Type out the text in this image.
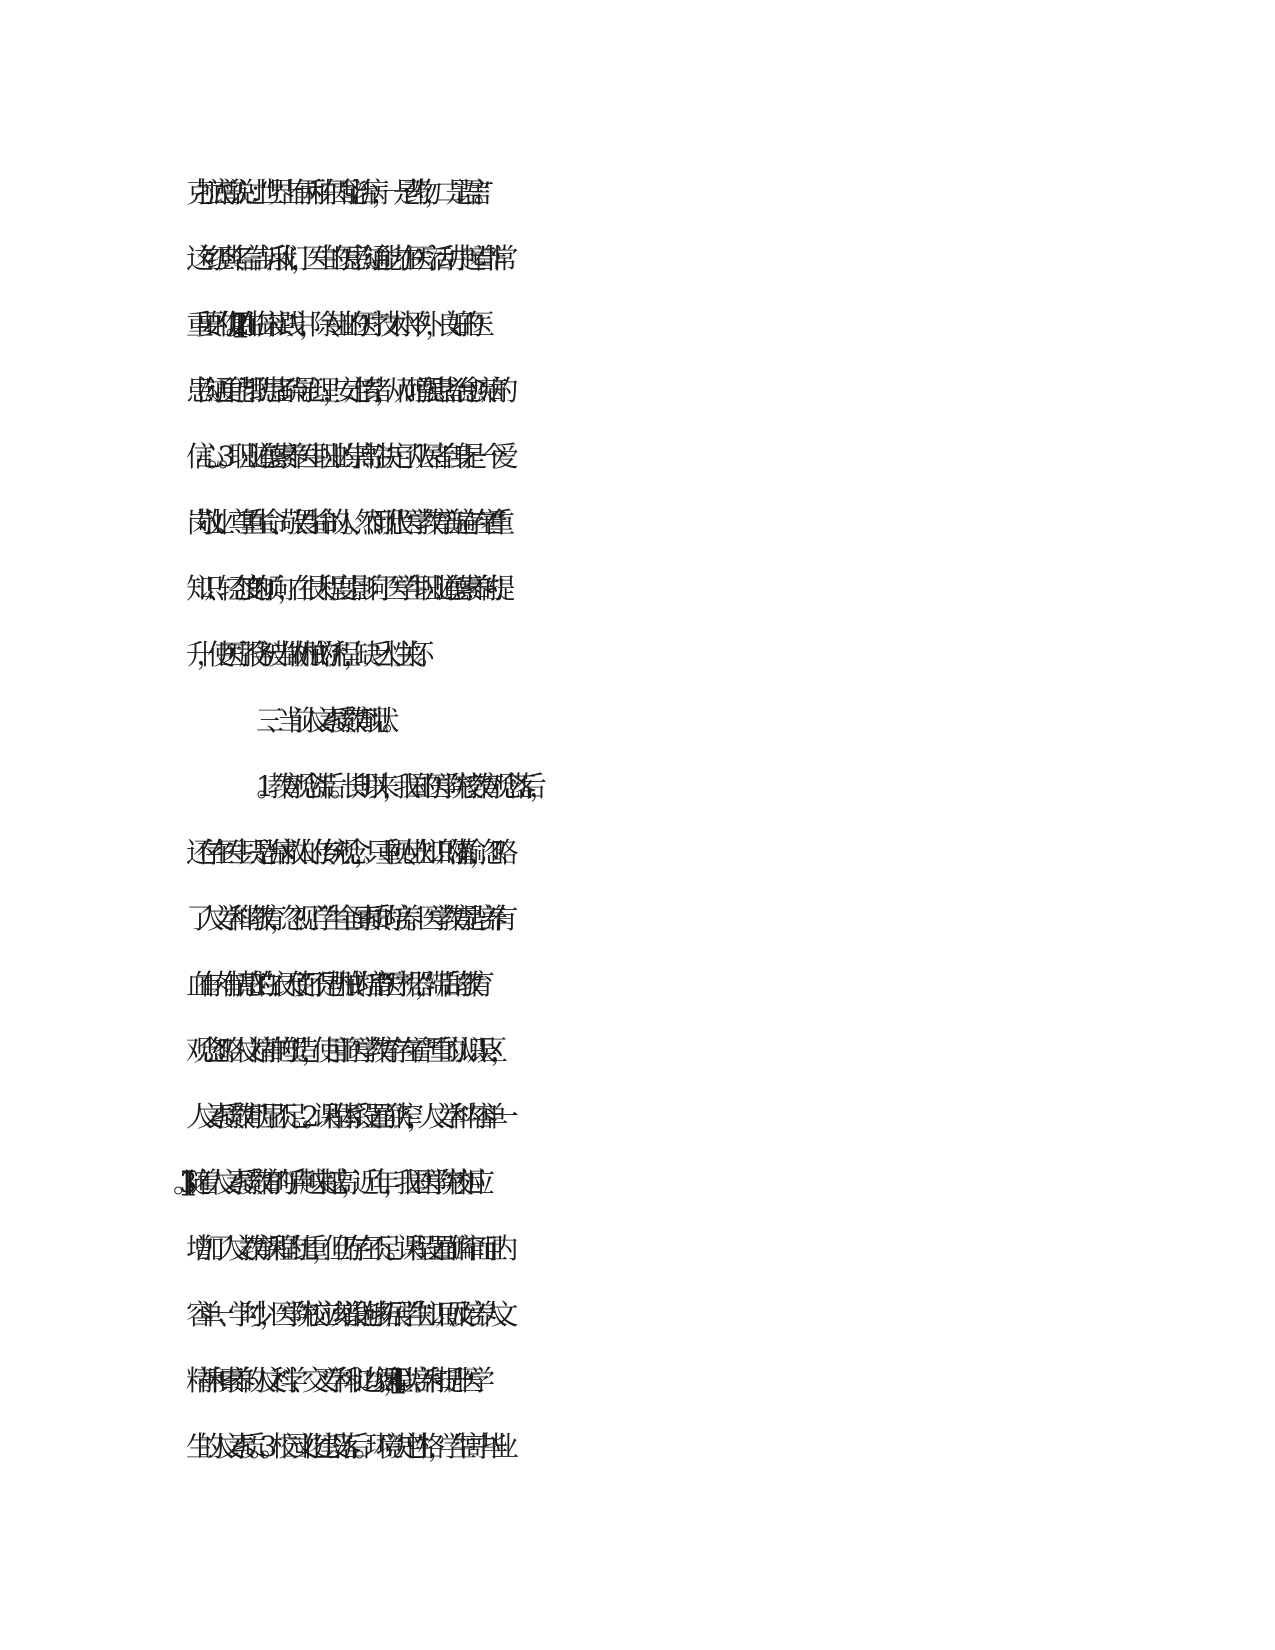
克拉底曾说过：“世界上有两种东西能治病，一是药物，二是语言”。
这句经典名言告诉我们，医生的医患沟通能力在医疗活动中起着非常
重要的作用[2]。在临床实践中，除专业的医疗技术水平外，良好的医
患沟通更能帮助患者疏导心理，安定情绪，从而增强患者治愈疾病的
信心。3。职业道德素养医生职业的崇高性决定了从医者自身是一个爱
岗敬业、尊重生命、敬畏生命的人。然而现代医学教育普遍存在着“重
知识、轻态度”的倾向，在很大程度上影响了医学生职业道德素养的提
升，使医疗服务被当做机械的流程，缺乏人性关怀。
三、当前人文素质教育现状。
1。教育观念滞后。长期以来，我国的医学院校教育观念落后，
还存在医生只是治病救人的传统观念，只重视专业知识的灌输，忽略
了人文学科的教育，忽视了学生全面素质的培养。医学教育是培养有
血有肉有情感的“白衣天使”而不是机械的培育“医疗机器”，滞后的教育
观念忽略人文精神的塑造，使目前医学教育存在着严重的认识误区，
人文素质教育明显不足。2。课程体系设置面狭窄，人文学科内容单一
[3]。随着人文素质教育的呼声越来越高，近几年，我国医学院校相应
增加了人文教育课程的比重，但仍存在不足。课程设置面偏窄而且内
容单一、学时少，医学院校应该增设能够拓展学生知识面及培养人文
精神和素养的人文科学、交叉学科和边缘课程[4]，以培养和提升医学
生的人文素质。3。校园文化建设落后。环境决定性格，学生高中毕业
